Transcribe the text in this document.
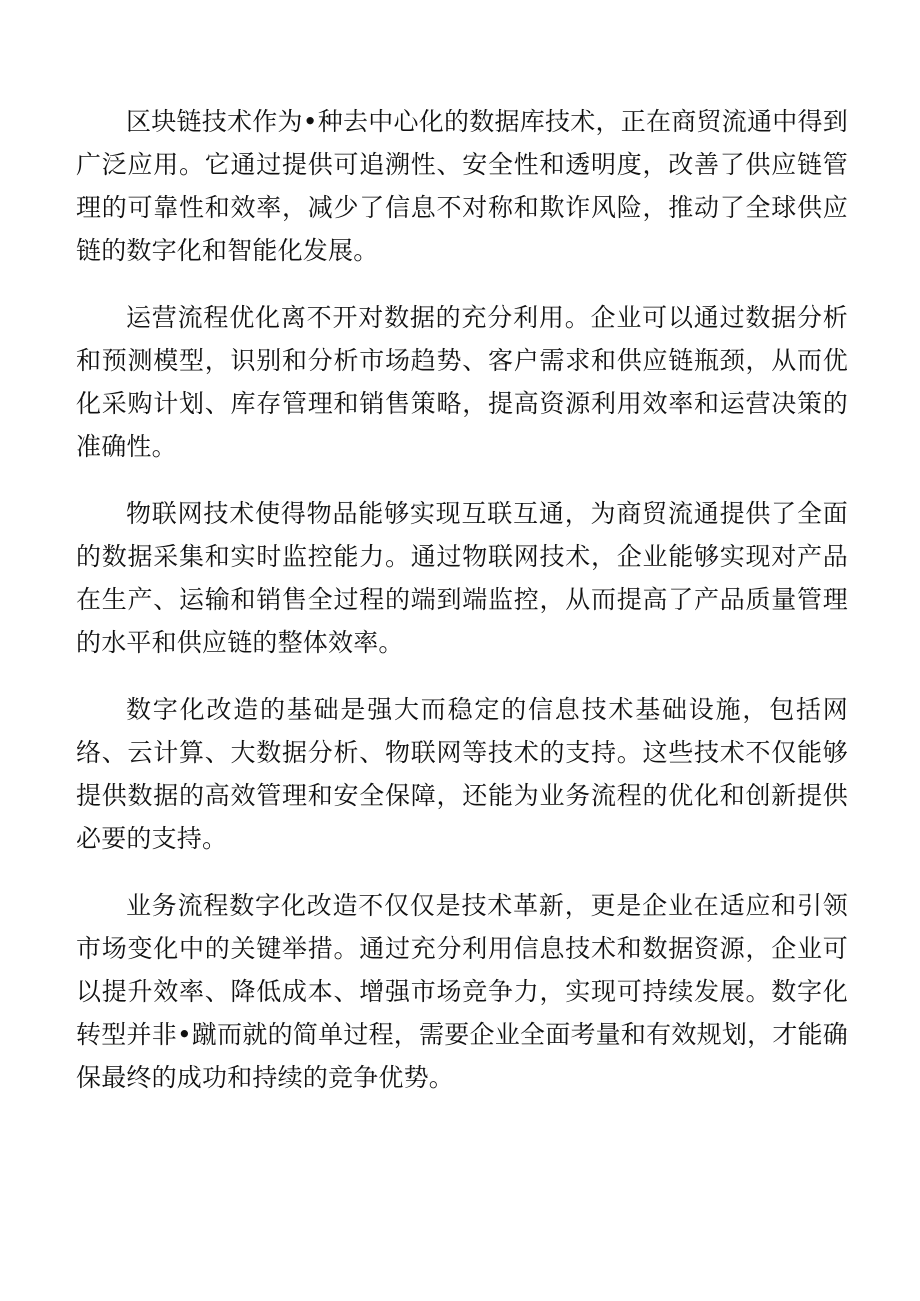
区块链技术作为•种去中心化的数据库技术，正在商贸流通中得到广泛应用。它通过提供可追溯性、安全性和透明度，改善了供应链管理的可靠性和效率，减少了信息不对称和欺诈风险，推动了全球供应链的数字化和智能化发展。

运营流程优化离不开对数据的充分利用。企业可以通过数据分析和预测模型，识别和分析市场趋势、客户需求和供应链瓶颈，从而优化采购计划、库存管理和销售策略，提高资源利用效率和运营决策的准确性。

物联网技术使得物品能够实现互联互通，为商贸流通提供了全面的数据采集和实时监控能力。通过物联网技术，企业能够实现对产品在生产、运输和销售全过程的端到端监控，从而提高了产品质量管理的水平和供应链的整体效率。

数字化改造的基础是强大而稳定的信息技术基础设施，包括网络、云计算、大数据分析、物联网等技术的支持。这些技术不仅能够提供数据的高效管理和安全保障，还能为业务流程的优化和创新提供必要的支持。

业务流程数字化改造不仅仅是技术革新，更是企业在适应和引领市场变化中的关键举措。通过充分利用信息技术和数据资源，企业可以提升效率、降低成本、增强市场竞争力，实现可持续发展。数字化转型并非•蹴而就的简单过程，需要企业全面考量和有效规划，才能确保最终的成功和持续的竞争优势。
